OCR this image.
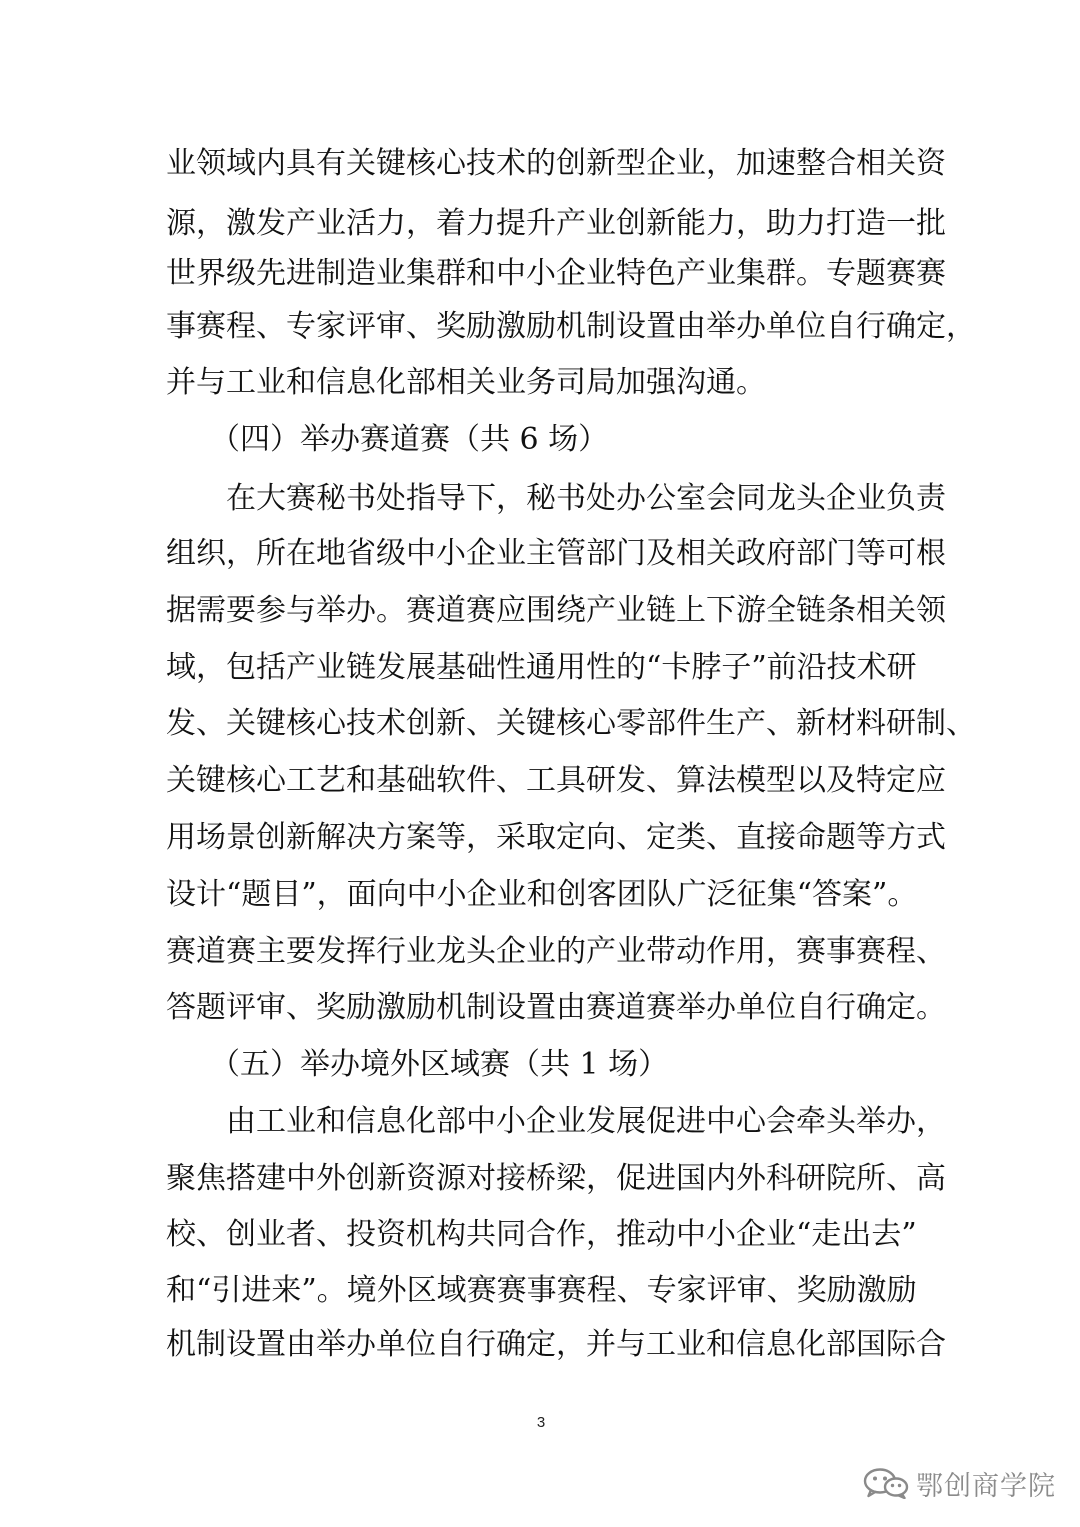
业领域内具有关键核心技术的创新型企业，加速整合相关资
源，激发产业活力，着力提升产业创新能力，助力打造一批
世界级先进制造业集群和中小企业特色产业集群。专题赛赛
事赛程、专家评审、奖励激励机制设置由举办单位自行确定，
并与工业和信息化部相关业务司局加强沟通。
（四）举办赛道赛（共 6 场）
在大赛秘书处指导下，秘书处办公室会同龙头企业负责
组织，所在地省级中小企业主管部门及相关政府部门等可根
据需要参与举办。赛道赛应围绕产业链上下游全链条相关领
域，包括产业链发展基础性通用性的“卡脖子”前沿技术研
发、关键核心技术创新、关键核心零部件生产、新材料研制、
关键核心工艺和基础软件、工具研发、算法模型以及特定应
用场景创新解决方案等，采取定向、定类、直接命题等方式
设计“题目”，面向中小企业和创客团队广泛征集“答案”。
赛道赛主要发挥行业龙头企业的产业带动作用，赛事赛程、
答题评审、奖励激励机制设置由赛道赛举办单位自行确定。
（五）举办境外区域赛（共 1 场）
由工业和信息化部中小企业发展促进中心会牵头举办，
聚焦搭建中外创新资源对接桥梁，促进国内外科研院所、高
校、创业者、投资机构共同合作，推动中小企业“走出去”
和“引进来”。境外区域赛赛事赛程、专家评审、奖励激励
机制设置由举办单位自行确定，并与工业和信息化部国际合
3
鄂创商学院
